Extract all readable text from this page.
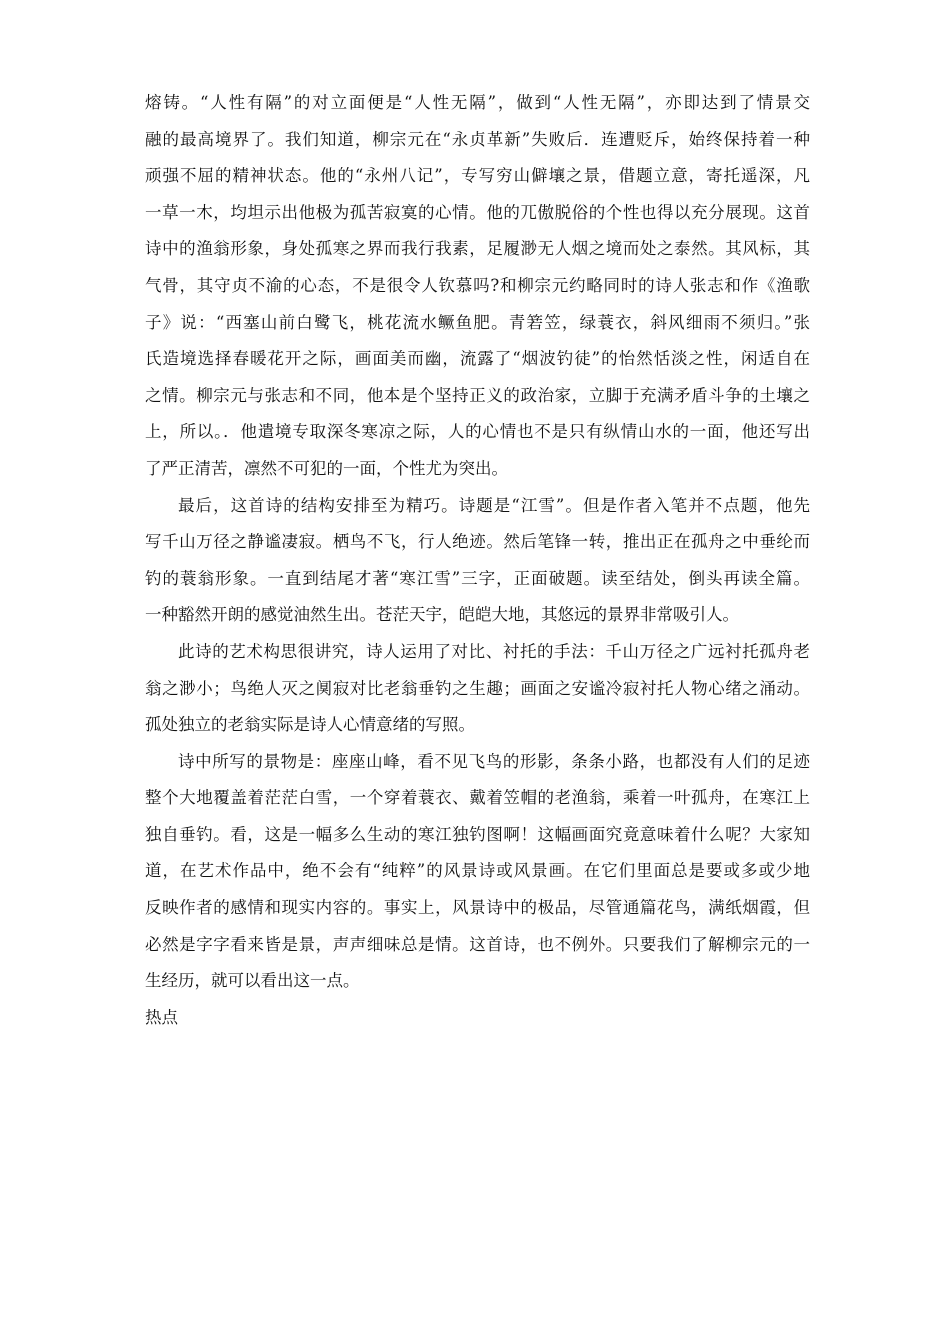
熔铸。“人性有隔”的对立面便是“人性无隔”，做到“人性无隔”，亦即达到了情景交
融的最高境界了。我们知道，柳宗元在“永贞革新”失败后．连遭贬斥，始终保持着一种
顽强不屈的精神状态。他的“永州八记”，专写穷山僻壤之景，借题立意，寄托遥深，凡
一草一木，均坦示出他极为孤苦寂寞的心情。他的兀傲脱俗的个性也得以充分展现。这首
诗中的渔翁形象，身处孤寒之界而我行我素，足履渺无人烟之境而处之泰然。其风标，其
气骨，其守贞不渝的心态，不是很令人钦慕吗?和柳宗元约略同时的诗人张志和作《渔歌
子》说：“西塞山前白鹭飞，桃花流水鳜鱼肥。青箬笠，绿蓑衣，斜风细雨不须归。”张
氏造境选择春暖花开之际，画面美而幽，流露了“烟波钓徒”的怡然恬淡之性，闲适自在
之情。柳宗元与张志和不同，他本是个坚持正义的政治家，立脚于充满矛盾斗争的土壤之
上，所以。．他遣境专取深冬寒凉之际，人的心情也不是只有纵情山水的一面，他还写出
了严正清苦，凛然不可犯的一面，个性尤为突出。
最后，这首诗的结构安排至为精巧。诗题是“江雪”。但是作者入笔并不点题，他先
写千山万径之静谧凄寂。栖鸟不飞，行人绝迹。然后笔锋一转，推出正在孤舟之中垂纶而
钓的蓑翁形象。一直到结尾才著“寒江雪”三字，正面破题。读至结处，倒头再读全篇。
一种豁然开朗的感觉油然生出。苍茫天宇，皑皑大地，其悠远的景界非常吸引人。
此诗的艺术构思很讲究，诗人运用了对比、衬托的手法：千山万径之广远衬托孤舟老
翁之渺小；鸟绝人灭之阒寂对比老翁垂钓之生趣；画面之安谧冷寂衬托人物心绪之涌动。
孤处独立的老翁实际是诗人心情意绪的写照。
诗中所写的景物是：座座山峰，看不见飞鸟的形影，条条小路，也都没有人们的足迹
整个大地覆盖着茫茫白雪，一个穿着蓑衣、戴着笠帽的老渔翁，乘着一叶孤舟，在寒江上
独自垂钓。看，这是一幅多么生动的寒江独钓图啊！这幅画面究竟意味着什么呢？大家知
道，在艺术作品中，绝不会有“纯粹”的风景诗或风景画。在它们里面总是要或多或少地
反映作者的感情和现实内容的。事实上，风景诗中的极品，尽管通篇花鸟，满纸烟霞，但
必然是字字看来皆是景，声声细味总是情。这首诗，也不例外。只要我们了解柳宗元的一
生经历，就可以看出这一点。
热点
